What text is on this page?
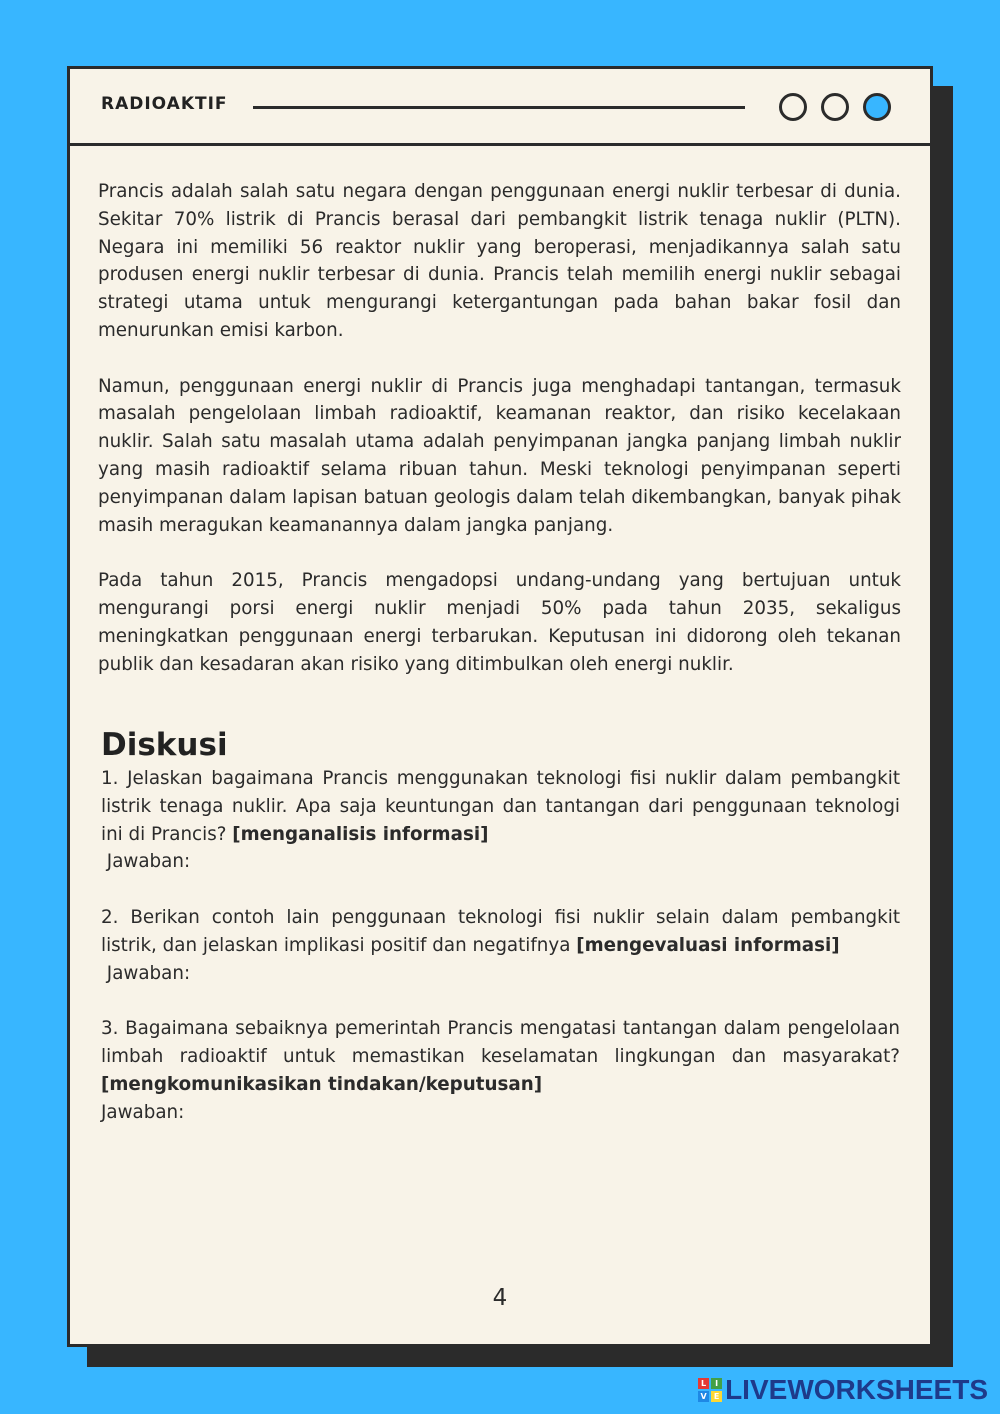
RADIOAKTIF

Prancis adalah salah satu negara dengan penggunaan energi nuklir terbesar di dunia. Sekitar 70% listrik di Prancis berasal dari pembangkit listrik tenaga nuklir (PLTN). Negara ini memiliki 56 reaktor nuklir yang beroperasi, menjadikannya salah satu produsen energi nuklir terbesar di dunia. Prancis telah memilih energi nuklir sebagai strategi utama untuk mengurangi ketergantungan pada bahan bakar fosil dan menurunkan emisi karbon.

Namun, penggunaan energi nuklir di Prancis juga menghadapi tantangan, termasuk masalah pengelolaan limbah radioaktif, keamanan reaktor, dan risiko kecelakaan nuklir. Salah satu masalah utama adalah penyimpanan jangka panjang limbah nuklir yang masih radioaktif selama ribuan tahun. Meski teknologi penyimpanan seperti penyimpanan dalam lapisan batuan geologis dalam telah dikembangkan, banyak pihak masih meragukan keamanannya dalam jangka panjang.

Pada tahun 2015, Prancis mengadopsi undang-undang yang bertujuan untuk mengurangi porsi energi nuklir menjadi 50% pada tahun 2035, sekaligus meningkatkan penggunaan energi terbarukan. Keputusan ini didorong oleh tekanan publik dan kesadaran akan risiko yang ditimbulkan oleh energi nuklir.

Diskusi
1. Jelaskan bagaimana Prancis menggunakan teknologi fisi nuklir dalam pembangkit listrik tenaga nuklir. Apa saja keuntungan dan tantangan dari penggunaan teknologi ini di Prancis? [menganalisis informasi]
Jawaban:
2. Berikan contoh lain penggunaan teknologi fisi nuklir selain dalam pembangkit listrik, dan jelaskan implikasi positif dan negatifnya [mengevaluasi informasi]
Jawaban:
3. Bagaimana sebaiknya pemerintah Prancis mengatasi tantangan dalam pengelolaan limbah radioaktif untuk memastikan keselamatan lingkungan dan masyarakat? [mengkomunikasikan tindakan/keputusan]
Jawaban:
4
L	I
V E LIVEWORKSHEETS
